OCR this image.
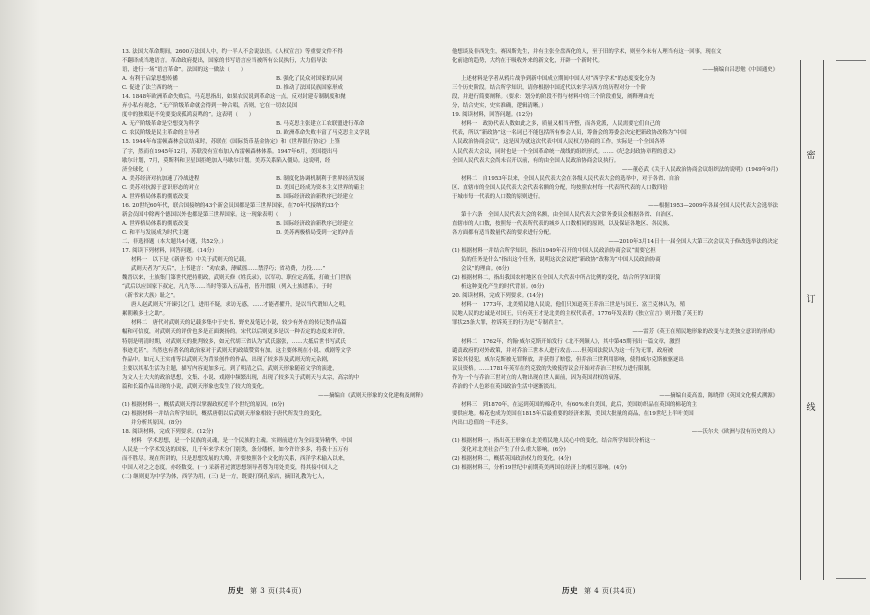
13. 法国大革命期间，2600万法国人中，约一半人不会说法语。《人权宣言》等重要文件不得

不翻译成当地语言。革命政府提出，国家的书写语言应当被所有公民执行，大力倡导法

语，进行一场“语言革命”。法国的这一做法（　　）

A. 有利于启蒙思想传播	B. 强化了民众对国家的认同

C. 促进了法兰西的统一	D. 推动了法国民族国家形成

14. 1848年欧洲革命失败后，马克思指出，如果农民说到革命这一点，反对封建专制制度和抛

弃小私有观念，“无产阶级革命就会得到一种合唱，否则，它在一切农民国

度中的独唱是不免要变成孤鸿哀鸣的”。这表明（　　）

A. 无产阶级革命是空想变为科学	B. 马克思主张建立工农联盟进行革命

C. 农民阶级是民主革命的主导者	D. 欧洲革命失败丰富了马克思主义学说

15. 1944年布雷顿森林会议结束时，苏联在《国际货币基金协定》和《世界银行协定》上签

了字，然而在1945年12月，苏联没有宣布加入布雷顿森林体系。1947年6月，美国提出马

歇尔计划，7月，莫斯科和卫星国拒绝加入马歇尔计划。美苏关系陷入僵局。这说明，经

济全球化（　　）

A. 美苏经济对抗加速了冷战进程	B. 制度化协调机制利于世界经济发展

C. 美苏对抗源于意识形态的对立	D. 美国已经成为资本主义世界的霸主

A. 世界格局体系的彻底改变	B. 国际经济政治新秩序已经建立

16. 20世纪60年代，联合国接纳的43个新会员国都是第三世界国家，在70年代接纳的33个

新会员国中除两个德国以外也都是第三世界国家。这一现象表明（　　）

A. 世界格局体系的彻底改变	B. 国际经济政治新秩序已经建立

C. 和平与发展成为时代主题	D. 美苏两极格局受到一定的冲击

二、非选择题（本大题共4小题，共52分。）

17. 阅读下列材料，回答问题。（14分）

材料一　以下是《新唐书》中关于武则天的记载。

武则天者为“天后”，上书建言：“劝农桑，薄赋徭……禁浮巧；省功费，力役……”

魏晋以来，士族集门第世代把持朝政，武则天修《姓氏录》，以军功、职位定高低，打破士门世族

“武后以应国家下叔定，凡九等……当时等第入五品者，皆升谱限（列入士族谱系），于时

（新书宋大族）耻之”。

唐人赵武则天“开谏引之门，进用不疑，求访无惑，……才能者擢升，是以当代谓知人之明，

累朝赖多士之助”。

材料二　唐代对武则天的记载多集中于史书、野史及笔记小说，较少有外在的传记类作品篇

幅和可信度，对武则天的评价也多是正面褒扬的。宋代以后则更多是以一种否定的态度来评价，

特别是明清时期，对武则天的批判较多，如元代胡三省认为“武氏嚣张，……大抵后世书写武氏

事迹尤甚”。当然也有著名的政治家对于武则天的政绩赞赏有加。这主要体现在小说、戏剧等文学

作品中。如元人王实甫等以武则天为背景创作的作品，出现了较多涉及武则天的元杂剧，

主要以其私生活为主题，描写内容更加多元。到了明清之后，武则天形象随着文学的演进，

为文人士大夫的政治思想，文集、小说、戏剧中频繁出现，出现了较多关于武则天与太宗，高宗的中

篇和长篇作品出现的小说，武则天形象也发生了较大的变化。

——摘编自《武则天形象的文化建构及阐释》

(1) 根据材料一，概括武则天得以掌握政权近半个世纪的原因。(6分)

(2) 根据材料一并结合所学知识，概括唐朝以后武则天形象相较于唐代所发生的变化，

并分析其原因。(8分)

18. 阅读材料，完成下列要求。(12分)

材料　学术思想，是一个民族的灵魂，是一个民族的主魂。实则前进方为全局变异精华，中国

人民是一个学术发达的国家，几千年来学术分门别类，条分缕析，如今许许多多，将我十五万有

而不胜尽。现在所讲的，只是思想发展的大略，并要按照各个文化的关系，西洋学术输入以来，

中国人对之之态度，亦经数变，(一) 采新者过渡思想领导者尊为用处美变，得其接中国人之

(二) 继则更为中学为体，西学为用，(三) 是一方，既要打倒孔家店，摘旧礼教为七人，

他想谈及非西先生，赛因斯先生，并有主张全盘西化的人，至于旧的学术，则至今未有人理当有这一回事，现在文

化前途的趋势，大约在于吸收外来的新文化，开辟一个新时代。

——摘编自吕思勉《中国通史》

上述材料是学者从鸦片战争到新中国成立期间中国人对“西学学术”的态度变化分为

三个历史阶段。结合所学知识，请你根据中国近代以来学习西方的历程对分一个阶

段，并进行简要阐释。（要求：划分的阶段不得与材料中的三个阶段重复，阐释理由充

分，结合史实，史实准确，逻辑清晰。）

19. 阅读材料，回答问题。(12分)

材料一　政协代表人数如此之多，质量又相当齐整，而各党派，人民需要它们自己的

代表，所以“新政协”这一名词已不能包括所有参会人员，筹备会的筹委会决定把新政协改称为“中国

人民政治协商会议”，这是因为就这次代表中国人民权力协商的工作，实际是一个全国各界

人民代表大会议，同时也是一个全国革命统一战线的组织形式。……《纪念封政协章程的意义》

全国人民代表大会尚未召开以前，有的由全国人民政治协商会议执行。

——董必武《关于人民政治协商会议组织法的说明》(1949年9月)

材料二　自1953年以来，全国人民代表大会在各级人民代表大会的选举中，对于各省、自治

区、直辖市的全国人民代表大会代表名额的分配，均按照农村每一代表所代表的人口数四倍

于城市每一代表的人口数的原则进行。

——根据1953—2009年各届全国人民代表大会选举法

第十六条　全国人民代表大会的名额，由全国人民代表大会常务委员会根据各省、自治区、

直辖市的人口数，按照每一代表所代表的城乡人口数相同的原则，以及保证各地区、各民族、

各方面都有适当数量代表的要求进行分配。

——2010年3月14日十一届全国人大第三次会议关于修改选举法的决定

(1) 根据材料一并结合所学知识，指出1949年召开的中国人民政治协商会议“需要它担

负的任务是什么”指出这个任务，说明这次会议把“新政协”改称为“中国人民政治协商

会议”的理由。(6分)

(2) 根据材料二，指出我国农村地区在全国人大代表中所占比例的变化，结合所学知识简

析这种变化产生的时代背景。(6分)

20. 阅读材料，完成下列要求。(14分)

材料一　1773年，北美殖民地人民说，他们只知道英王乔治三世是与国王、富兰克林认为，殖

民地人民的忠诚是对国王，只有英王才是北美的主权代表者，1776年发表的《独立宣言》则开数了英王的

罪状25条大罪，控诉英王的行为是“专制君主”。

——雷芳《英王在殖民地形象的改变与北美独立意识的形成》

材料二　1762年，约翰·威尔克斯开始发行《北不列颠人》，其中第45期刊出一篇文章，激烈

谴责政府的对外政策，并对乔治三世本人进行攻击……但英国法院认为这一行为无罪，政府被

诉讼其侵犯，威尔克斯被无罪释放，并获得了赔偿，但乔治三世利用影响，使得威尔克斯被驱逐出

议员资格。……1781年英军在约克敦的失败使得议会开始对乔治三世权力进行限制，

作为一个与乔治三世对立的人物出现在世人面前，因为英国君权的衰落，

乔治的个人色彩在英国政治生活中逐渐淡出。

——摘编自麦高盖，陈晓律《英国文化模式溯源》

材料三　到1870年，在运到英国的棉花中，有60%来自美国，此后，美国纺织品在英国的棉花的主

要供应地。棉花也成为美国在1815年后最重要的经济来源，美国大批量的商品，在19世纪上半叶美国

内出口总值的一半还多。

——沃尔夫《欧洲与没有历史的人》

(1) 根据材料一，指出英王形象在北美殖民地人民心中的变化，结合所学知识分析这一

变化对北美社会产生了什么重大影响。(6分)

(2) 根据材料二，概括英国政治权力的变化。(4分)

(3) 根据材料三，分析19世纪中前期英美两国在经济上的相互影响。(4分)

历史 第 3 页(共4页)	历史 第 4 页(共4页)
密
订
线
